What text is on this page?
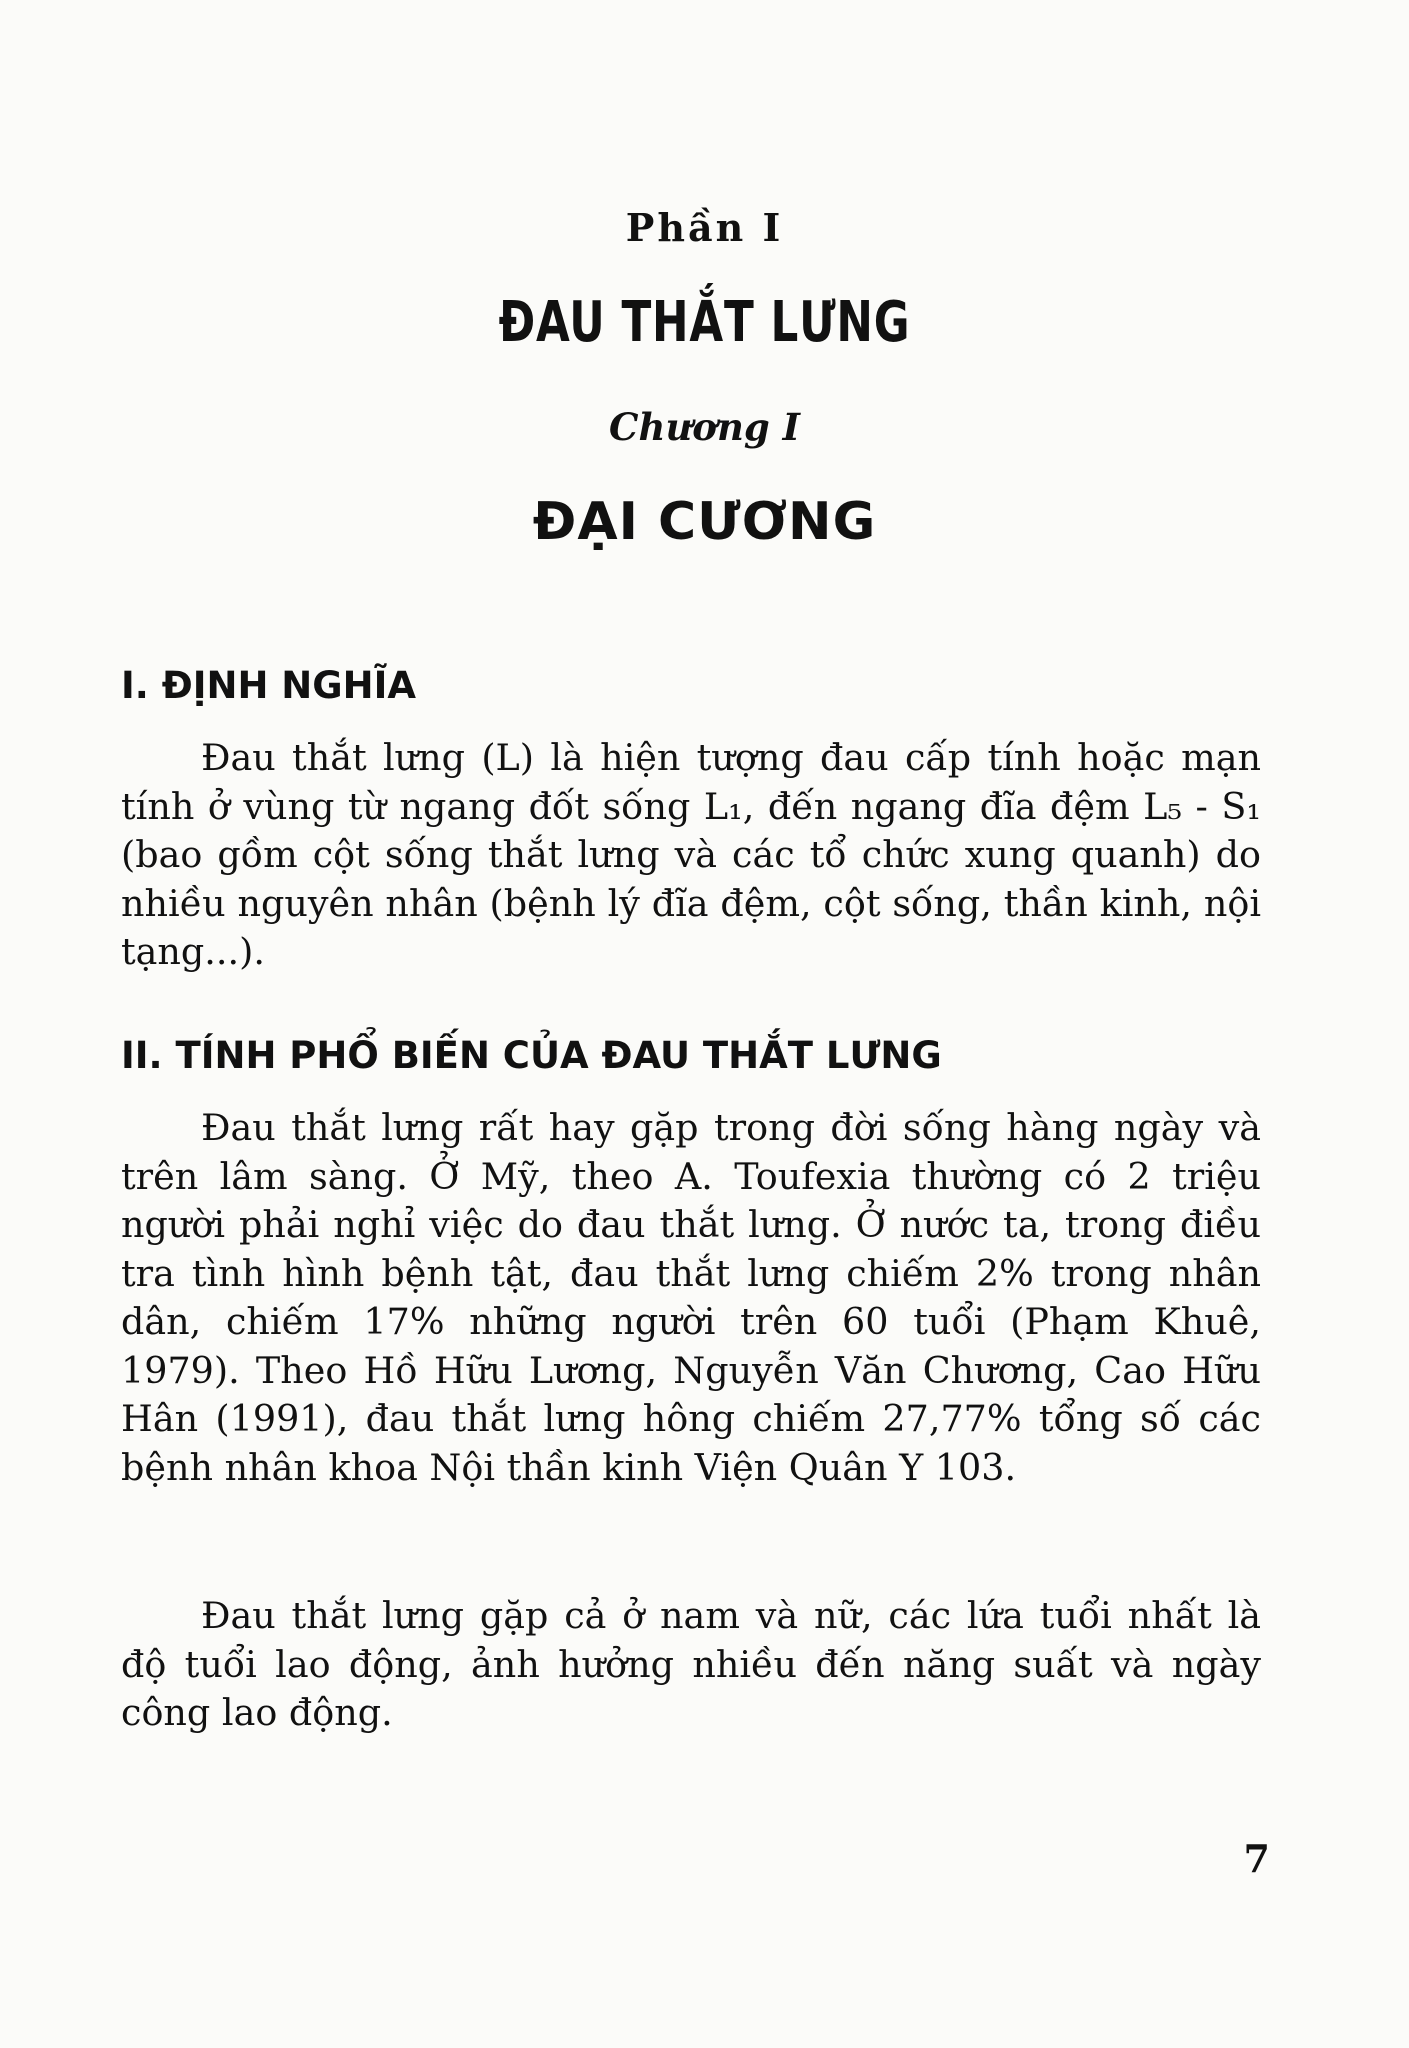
Phần I
ĐAU THẮT LƯNG
Chương I
ĐẠI CƯƠNG
I. ĐỊNH NGHĨA

Đau thắt lưng (L) là hiện tượng đau cấp tính hoặc mạn tính ở vùng từ ngang đốt sống L₁, đến ngang đĩa đệm L₅ - S₁ (bao gồm cột sống thắt lưng và các tổ chức xung quanh) do nhiều nguyên nhân (bệnh lý đĩa đệm, cột sống, thần kinh, nội tạng...).

II. TÍNH PHỔ BIẾN CỦA ĐAU THẮT LƯNG

Đau thắt lưng rất hay gặp trong đời sống hàng ngày và trên lâm sàng. Ở Mỹ, theo A. Toufexia thường có 2 triệu người phải nghỉ việc do đau thắt lưng. Ở nước ta, trong điều tra tình hình bệnh tật, đau thắt lưng chiếm 2% trong nhân dân, chiếm 17% những người trên 60 tuổi (Phạm Khuê, 1979). Theo Hồ Hữu Lương, Nguyễn Văn Chương, Cao Hữu Hân (1991), đau thắt lưng hông chiếm 27,77% tổng số các bệnh nhân khoa Nội thần kinh Viện Quân Y 103.

Đau thắt lưng gặp cả ở nam và nữ, các lứa tuổi nhất là độ tuổi lao động, ảnh hưởng nhiều đến năng suất và ngày công lao động.

7
